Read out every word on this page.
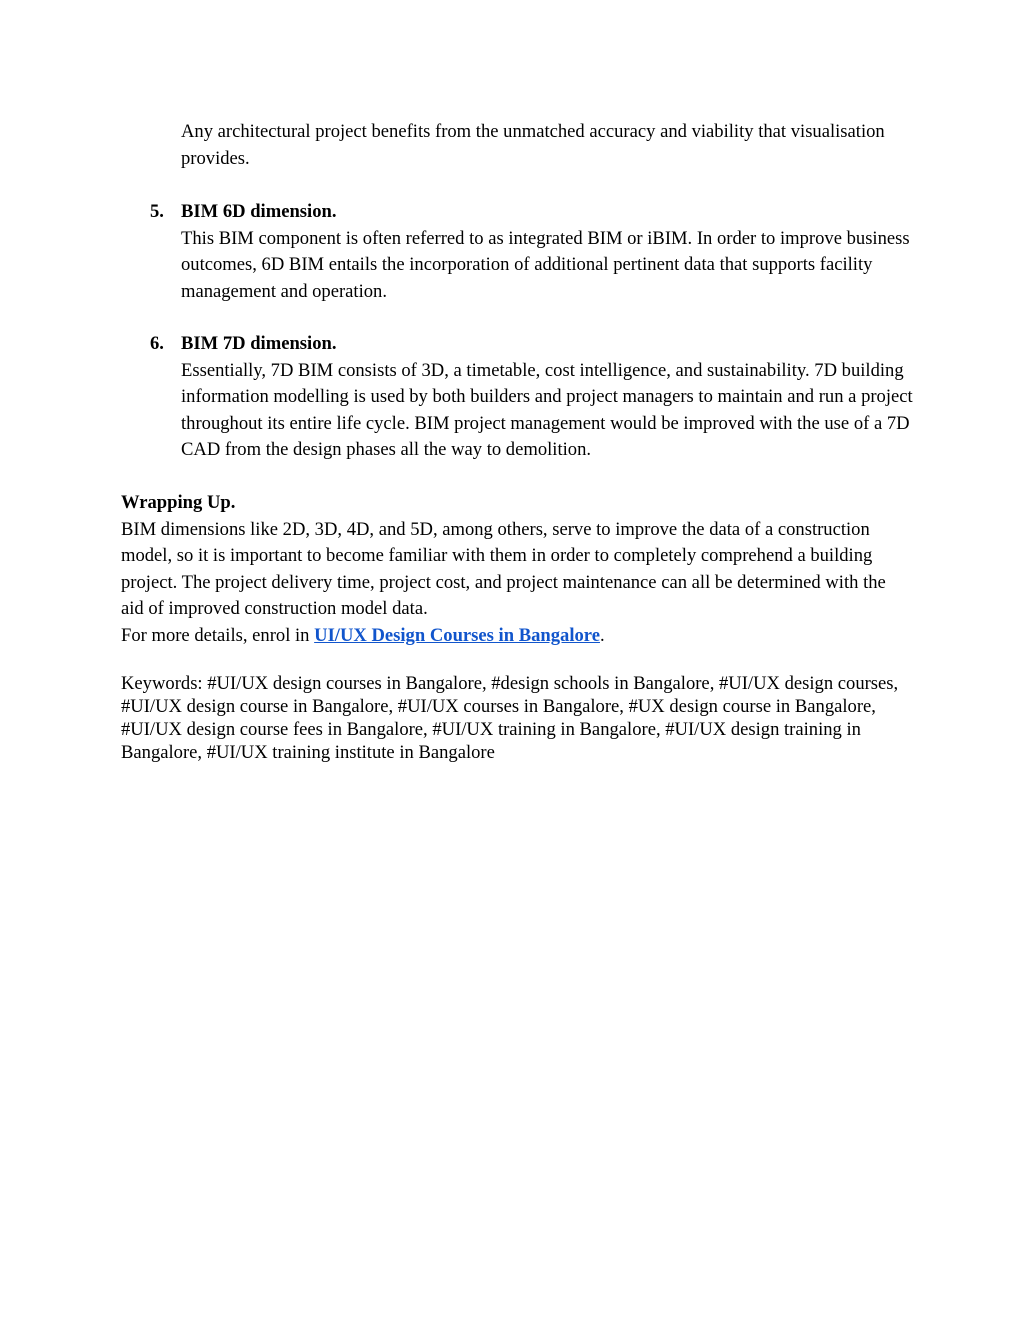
Any architectural project benefits from the unmatched accuracy and viability that visualisation provides.

5. BIM 6D dimension.
This BIM component is often referred to as integrated BIM or iBIM. In order to improve business outcomes, 6D BIM entails the incorporation of additional pertinent data that supports facility management and operation.

6. BIM 7D dimension.
Essentially, 7D BIM consists of 3D, a timetable, cost intelligence, and sustainability. 7D building information modelling is used by both builders and project managers to maintain and run a project throughout its entire life cycle. BIM project management would be improved with the use of a 7D CAD from the design phases all the way to demolition.

Wrapping Up.
BIM dimensions like 2D, 3D, 4D, and 5D, among others, serve to improve the data of a construction model, so it is important to become familiar with them in order to completely comprehend a building project. The project delivery time, project cost, and project maintenance can all be determined with the aid of improved construction model data.
For more details, enrol in UI/UX Design Courses in Bangalore.

Keywords: #UI/UX design courses in Bangalore, #design schools in Bangalore, #UI/UX design courses, #UI/UX design course in Bangalore, #UI/UX courses in Bangalore, #UX design course in Bangalore, #UI/UX design course fees in Bangalore, #UI/UX training in Bangalore, #UI/UX design training in Bangalore, #UI/UX training institute in Bangalore
